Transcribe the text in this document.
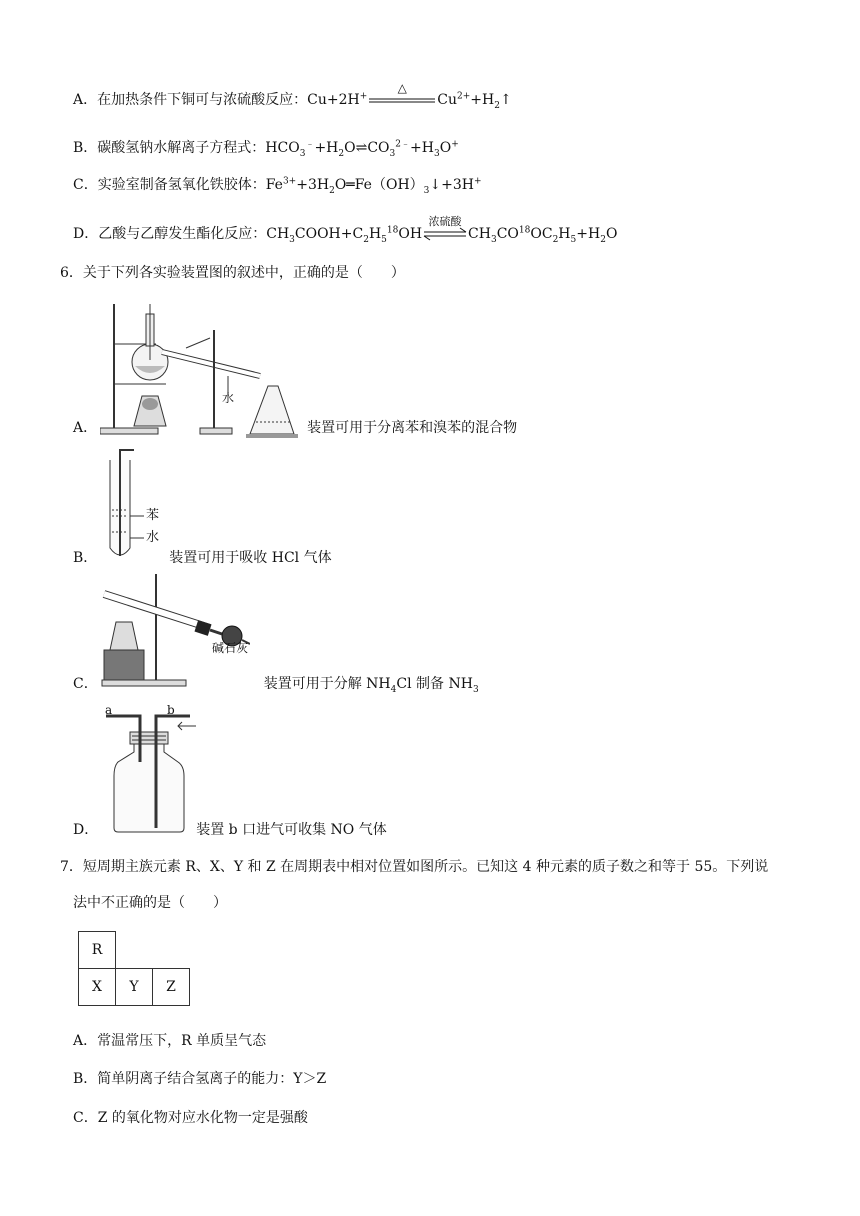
A．在加热条件下铜可与浓硫酸反应：Cu+2H+
△
$Cu^{2+}+H_2↑$
B．碳酸氢钠水解离子方程式：$HCO_3^﹣+H_2O\rightleftharpoons CO_3^{2﹣}+H_3O^+$
C．实验室制备氢氧化铁胶体：$Fe^{3+}+3H_2O═Fe(OH)_3↓+3H^+$
D．乙酸与乙醇发生酯化反应：$CH_3COOH+C_2H_5^{18}OH$
浓硫酸
$CH_3CO^{18}OC_2H_5+H_2O$
6．关于下列各实验装置图的叙述中，正确的是（　　）
水
A．	装置可用于分离苯和溴苯的混合物
苯
水
B．	装置可用于吸收 HCl 气体
碱石灰
C．	装置可用于分解 $NH_4Cl$ 制备 $NH_3$
a	b
D．	装置 b 口进气可收集 NO 气体
7．短周期主族元素 R、X、Y 和 Z 在周期表中相对位置如图所示。已知这 4 种元素的质子数之和等于 55。下列说
法中不正确的是（　　）
R
X	Y	Z
A．常温常压下，R 单质呈气态
B．简单阴离子结合氢离子的能力：Y＞Z
C．Z 的氧化物对应水化物一定是强酸
